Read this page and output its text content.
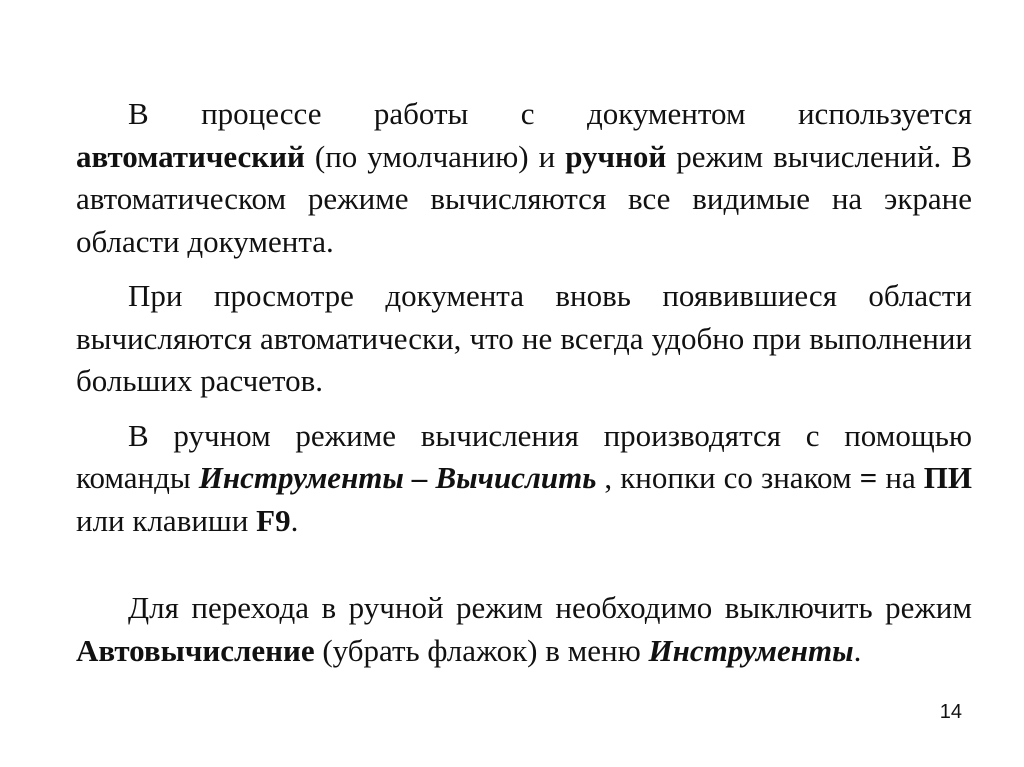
В процессе работы с документом используется автоматический (по умолчанию) и ручной режим вычислений. В автоматическом режиме вычисляются все видимые на экране области документа.

При просмотре документа вновь появившиеся области вычисляются автоматически, что не всегда удобно при выполнении больших расчетов.

В ручном режиме вычисления производятся с помощью команды Инструменты – Вычислить , кнопки со знаком = на ПИ или клавиши F9.

Для перехода в ручной режим необходимо выключить режим Автовычисление (убрать флажок) в меню Инструменты.

14
